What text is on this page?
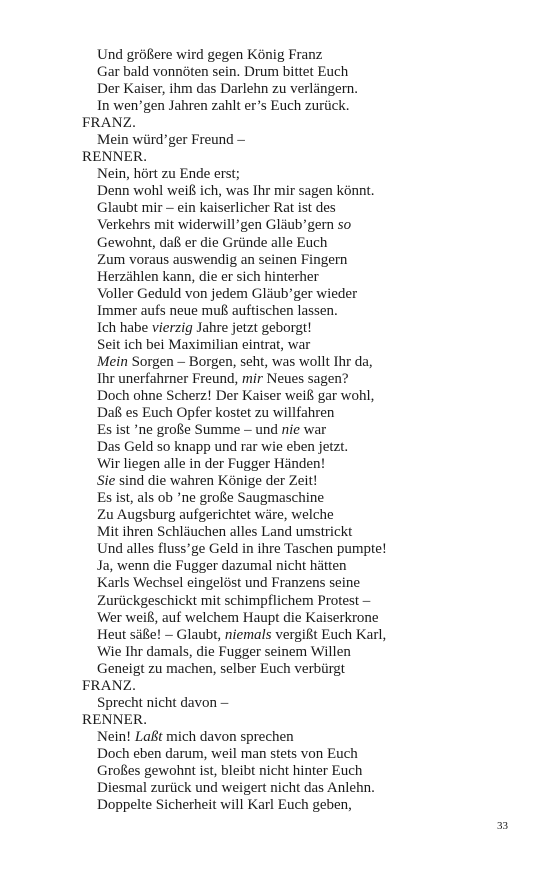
Und größere wird gegen König Franz
Gar bald vonnöten sein. Drum bittet Euch
Der Kaiser, ihm das Darlehn zu verlängern.
In wen’gen Jahren zahlt er’s Euch zurück.
FRANZ.
Mein würd’ger Freund –
RENNER.
Nein, hört zu Ende erst;
Denn wohl weiß ich, was Ihr mir sagen könnt.
Glaubt mir – ein kaiserlicher Rat ist des
Verkehrs mit widerwill’gen Gläub’gern so
Gewohnt, daß er die Gründe alle Euch
Zum voraus auswendig an seinen Fingern
Herzählen kann, die er sich hinterher
Voller Geduld von jedem Gläub’ger wieder
Immer aufs neue muß auftischen lassen.
Ich habe vierzig Jahre jetzt geborgt!
Seit ich bei Maximilian eintrat, war
Mein Sorgen – Borgen, seht, was wollt Ihr da,
Ihr unerfahrner Freund, mir Neues sagen?
Doch ohne Scherz! Der Kaiser weiß gar wohl,
Daß es Euch Opfer kostet zu willfahren
Es ist ’ne große Summe – und nie war
Das Geld so knapp und rar wie eben jetzt.
Wir liegen alle in der Fugger Händen!
Sie sind die wahren Könige der Zeit!
Es ist, als ob ’ne große Saugmaschine
Zu Augsburg aufgerichtet wäre, welche
Mit ihren Schläuchen alles Land umstrickt
Und alles fluss’ge Geld in ihre Taschen pumpte!
Ja, wenn die Fugger dazumal nicht hätten
Karls Wechsel eingelöst und Franzens seine
Zurückgeschickt mit schimpflichem Protest –
Wer weiß, auf welchem Haupt die Kaiserkrone
Heut säße! – Glaubt, niemals vergißt Euch Karl,
Wie Ihr damals, die Fugger seinem Willen
Geneigt zu machen, selber Euch verbürgt
FRANZ.
Sprecht nicht davon –
RENNER.
Nein! Laßt mich davon sprechen
Doch eben darum, weil man stets von Euch
Großes gewohnt ist, bleibt nicht hinter Euch
Diesmal zurück und weigert nicht das Anlehn.
Doppelte Sicherheit will Karl Euch geben,
33
